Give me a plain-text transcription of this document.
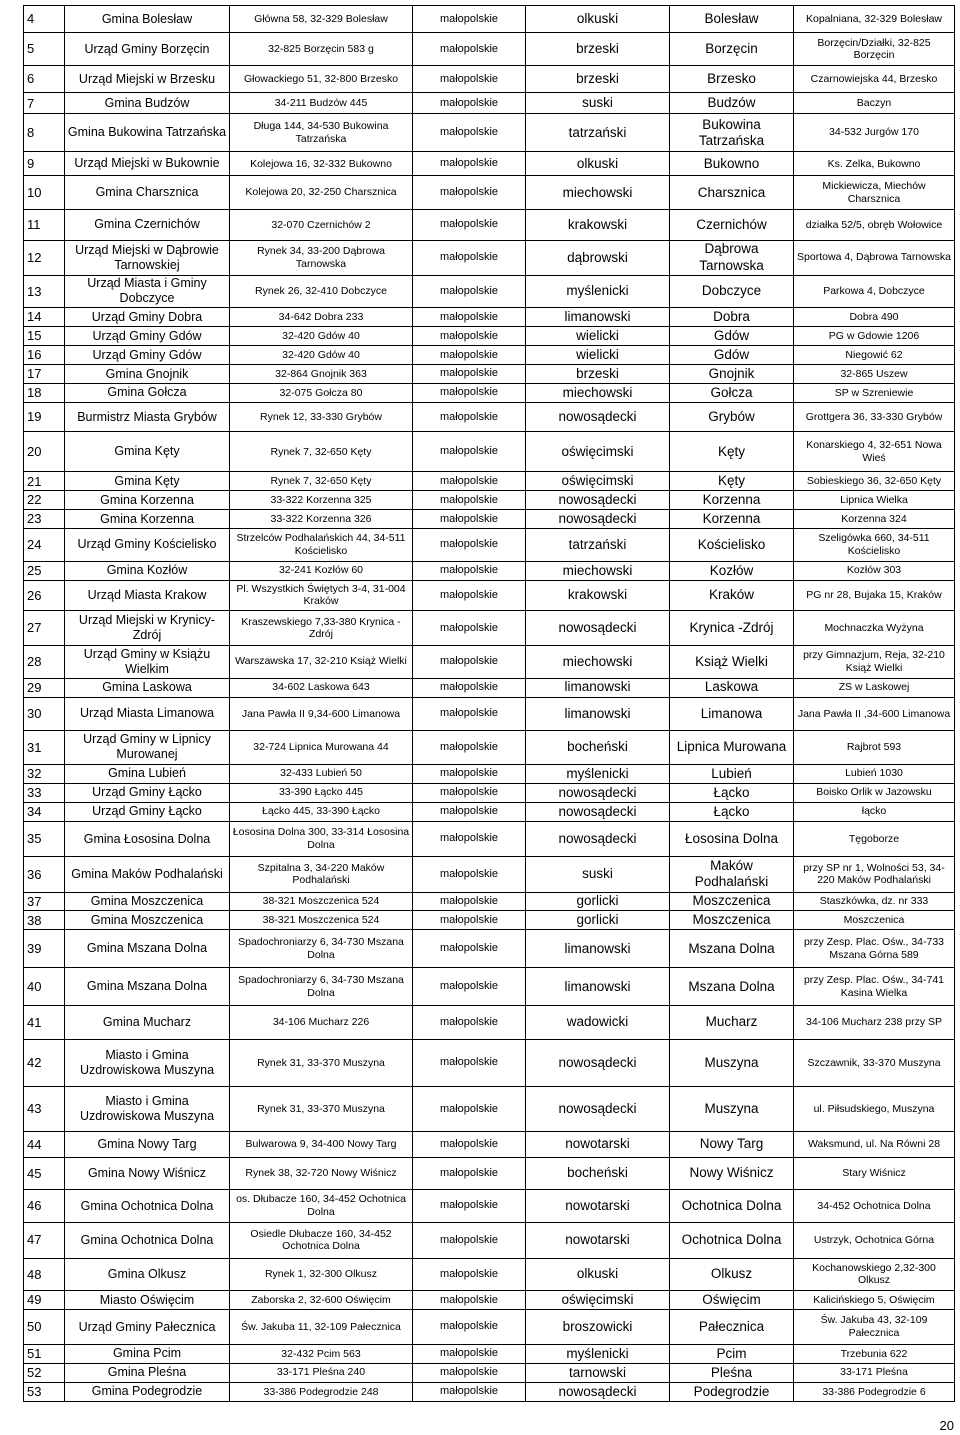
4	Gmina Bolesław	Główna 58, 32-329 Bolesław	małopolskie	olkuski	Bolesław	Kopalniana, 32-329 Bolesław
5	Urząd Gminy Borzęcin	32-825 Borzęcin 583 g	małopolskie	brzeski	Borzęcin	Borzęcin/Działki, 32-825 Borzęcin
6	Urząd Miejski w Brzesku	Głowackiego 51, 32-800 Brzesko	małopolskie	brzeski	Brzesko	Czarnowiejska 44, Brzesko
7	Gmina Budzów	34-211 Budzów 445	małopolskie	suski	Budzów	Baczyn
8	Gmina Bukowina Tatrzańska	Długa 144, 34-530 Bukowina Tatrzańska	małopolskie	tatrzański	Bukowina Tatrzańska	34-532 Jurgów 170
9	Urząd Miejski w Bukownie	Kolejowa 16, 32-332 Bukowno	małopolskie	olkuski	Bukowno	Ks. Zelka, Bukowno
10	Gmina Charsznica	Kolejowa 20, 32-250 Charsznica	małopolskie	miechowski	Charsznica	Mickiewicza, Miechów Charsznica
11	Gmina Czernichów	32-070 Czernichów 2	małopolskie	krakowski	Czernichów	działka 52/5, obręb Wołowice
12	Urząd Miejski w Dąbrowie Tarnowskiej	Rynek 34, 33-200 Dąbrowa Tarnowska	małopolskie	dąbrowski	Dąbrowa Tarnowska	Sportowa 4, Dąbrowa Tarnowska
13	Urząd Miasta i Gminy Dobczyce	Rynek 26, 32-410 Dobczyce	małopolskie	myślenicki	Dobczyce	Parkowa 4, Dobczyce
14	Urząd Gminy Dobra	34-642 Dobra 233	małopolskie	limanowski	Dobra	Dobra 490
15	Urząd Gminy Gdów	32-420 Gdów 40	małopolskie	wielicki	Gdów	PG w Gdowie 1206
16	Urząd Gminy Gdów	32-420 Gdów 40	małopolskie	wielicki	Gdów	Niegowić 62
17	Gmina Gnojnik	32-864 Gnojnik 363	małopolskie	brzeski	Gnojnik	32-865 Uszew
18	Gmina Gołcza	32-075 Gołcza 80	małopolskie	miechowski	Gołcza	SP w Szreniewie
19	Burmistrz Miasta Grybów	Rynek 12, 33-330 Grybów	małopolskie	nowosądecki	Grybów	Grottgera 36, 33-330 Grybów
20	Gmina Kęty	Rynek 7, 32-650 Kęty	małopolskie	oświęcimski	Kęty	Konarskiego 4, 32-651 Nowa Wieś
21	Gmina Kęty	Rynek 7, 32-650 Kęty	małopolskie	oświęcimski	Kęty	Sobieskiego 36, 32-650 Kęty
22	Gmina Korzenna	33-322 Korzenna 325	małopolskie	nowosądecki	Korzenna	Lipnica Wielka
23	Gmina Korzenna	33-322 Korzenna 326	małopolskie	nowosądecki	Korzenna	Korzenna 324
24	Urząd Gminy Kościelisko	Strzelców Podhalańskich 44, 34-511 Kościelisko	małopolskie	tatrzański	Kościelisko	Szeligówka 660, 34-511 Kościelisko
25	Gmina Kozłów	32-241 Kozłów 60	małopolskie	miechowski	Kozłów	Kozłów 303
26	Urząd Miasta Krakow	Pl. Wszystkich Świętych 3-4, 31-004 Kraków	małopolskie	krakowski	Kraków	PG nr 28, Bujaka 15, Kraków
27	Urząd Miejski w Krynicy-Zdrój	Kraszewskiego 7,33-380 Krynica - Zdrój	małopolskie	nowosądecki	Krynica -Zdrój	Mochnaczka Wyżyna
28	Urząd Gminy w Książu Wielkim	Warszawska 17, 32-210 Książ Wielki	małopolskie	miechowski	Książ Wielki	przy Gimnazjum, Reja, 32-210 Książ Wielki
29	Gmina Laskowa	34-602 Laskowa 643	małopolskie	limanowski	Laskowa	ZS w Laskowej
30	Urząd Miasta Limanowa	Jana Pawła II 9,34-600 Limanowa	małopolskie	limanowski	Limanowa	Jana Pawła II ,34-600 Limanowa
31	Urząd Gminy w Lipnicy Murowanej	32-724 Lipnica Murowana 44	małopolskie	bocheński	Lipnica Murowana	Rajbrot 593
32	Gmina Lubień	32-433 Lubień 50	małopolskie	myślenicki	Lubień	Lubień 1030
33	Urząd Gminy Łącko	33-390 Łącko 445	małopolskie	nowosądecki	Łącko	Boisko Orlik w Jazowsku
34	Urząd Gminy Łącko	Łącko 445, 33-390 Łącko	małopolskie	nowosądecki	Łącko	łącko
35	Gmina Łososina Dolna	Łososina Dolna 300, 33-314 Łososina Dolna	małopolskie	nowosądecki	Łososina Dolna	Tęgoborze
36	Gmina Maków Podhalański	Szpitalna 3, 34-220 Maków Podhalański	małopolskie	suski	Maków Podhalański	przy SP nr 1, Wolności 53, 34-220 Maków Podhalański
37	Gmina Moszczenica	38-321 Moszczenica 524	małopolskie	gorlicki	Moszczenica	Staszkówka, dz. nr 333
38	Gmina Moszczenica	38-321 Moszczenica 524	małopolskie	gorlicki	Moszczenica	Moszczenica
39	Gmina Mszana Dolna	Spadochroniarzy 6, 34-730 Mszana Dolna	małopolskie	limanowski	Mszana Dolna	przy Zesp. Plac. Ośw., 34-733 Mszana Górna 589
40	Gmina Mszana Dolna	Spadochroniarzy 6, 34-730 Mszana Dolna	małopolskie	limanowski	Mszana Dolna	przy Zesp. Plac. Ośw., 34-741 Kasina Wielka
41	Gmina Mucharz	34-106 Mucharz 226	małopolskie	wadowicki	Mucharz	34-106 Mucharz 238 przy SP
42	Miasto i Gmina Uzdrowiskowa Muszyna	Rynek 31, 33-370 Muszyna	małopolskie	nowosądecki	Muszyna	Szczawnik, 33-370 Muszyna
43	Miasto i Gmina Uzdrowiskowa Muszyna	Rynek 31, 33-370 Muszyna	małopolskie	nowosądecki	Muszyna	ul. Piłsudskiego, Muszyna
44	Gmina Nowy Targ	Bulwarowa 9, 34-400 Nowy Targ	małopolskie	nowotarski	Nowy Targ	Waksmund, ul. Na Równi 28
45	Gmina Nowy Wiśnicz	Rynek 38, 32-720 Nowy Wiśnicz	małopolskie	bocheński	Nowy Wiśnicz	Stary Wiśnicz
46	Gmina Ochotnica Dolna	os. Dłubacze 160, 34-452 Ochotnica Dolna	małopolskie	nowotarski	Ochotnica Dolna	34-452 Ochotnica Dolna
47	Gmina Ochotnica Dolna	Osiedle Dłubacze 160, 34-452 Ochotnica Dolna	małopolskie	nowotarski	Ochotnica Dolna	Ustrzyk, Ochotnica Górna
48	Gmina Olkusz	Rynek 1, 32-300 Olkusz	małopolskie	olkuski	Olkusz	Kochanowskiego 2,32-300 Olkusz
49	Miasto Oświęcim	Zaborska 2, 32-600 Oświęcim	małopolskie	oświęcimski	Oświęcim	Kalicińskiego 5, Oświęcim
50	Urząd Gminy Pałecznica	Św. Jakuba 11, 32-109 Pałecznica	małopolskie	broszowicki	Pałecznica	Św. Jakuba 43, 32-109 Pałecznica
51	Gmina Pcim	32-432 Pcim 563	małopolskie	myślenicki	Pcim	Trzebunia 622
52	Gmina Pleśna	33-171 Pleśna 240	małopolskie	tarnowski	Pleśna	33-171 Pleśna
53	Gmina Podegrodzie	33-386 Podegrodzie 248	małopolskie	nowosądecki	Podegrodzie	33-386 Podegrodzie 6
20
